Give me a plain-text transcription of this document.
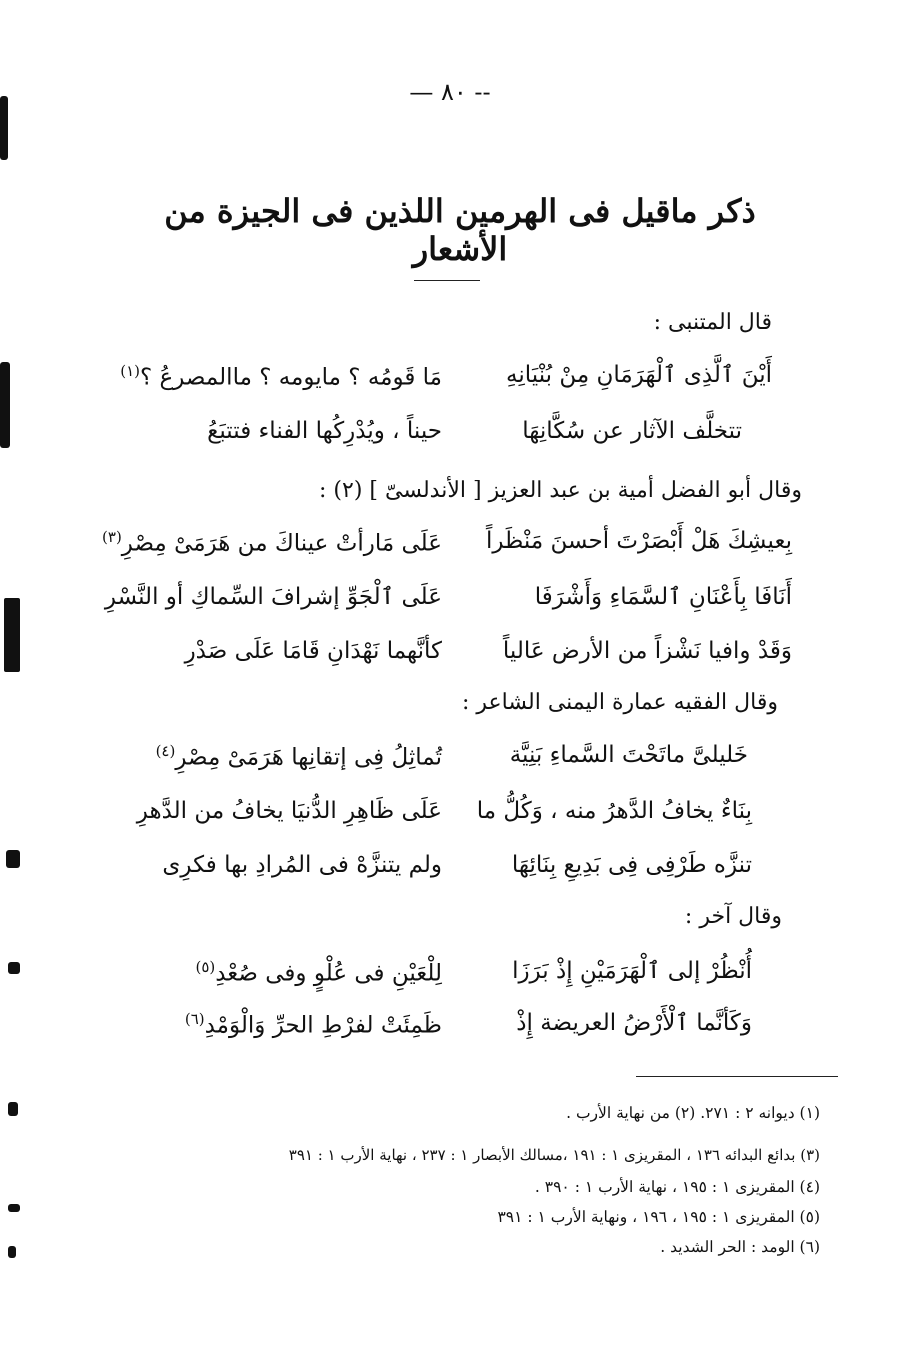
-- ٨٠ —
ذكر ماقيل فى الهرمين اللذين فى الجيزة من الأشعار
قال المتنبى :
أَيْنَ ٱلَّذِى ٱلْهَرَمَانِ مِنْ بُنْيَانِهِ
مَا قَومُه ؟ مايومه ؟ ماالمصرعُ ؟$^{(١)}$
تتخلَّف الآثار عن سُكَّانِهَا
حيناً ، ويُدْرِكُها الفناء فتتبَعُ
وقال أبو الفضل أمية بن عبد العزيز [ الأندلسىّ ] (٢) :
بِعيشِكَ هَلْ أَبْصَرْتَ أحسنَ مَنْظَراً
عَلَى مَارأتْ عيناكَ من هَرَمَىْ مِصْرِ$^{(٣)}$
أَنَافَا بِأَعْنَانِ ٱلسَّمَاءِ وَأَشْرَفَا
عَلَى ٱلْجَوِّ إشرافَ السِّماكِ أو النَّسْرِ
وَقَدْ وافيا نَشْزاً من الأرض عَالياً
كأنَّهما نَهْدَانِ قَامَا عَلَى صَدْرِ
وقال الفقيه عمارة اليمنى الشاعر :
خَليلىَّ ماتَحْتَ السَّماءِ بَنِيَّة
تُماثِلُ فِى إتقانِها هَرَمَىْ مِصْرِ$^{(٤)}$
بِنَاءٌ يخافُ الدَّهرُ منه ، وَكُلُّ ما
عَلَى ظَاهِرِ الدُّنيَا يخافُ من الدَّهرِ
تنزَّه طَرْفِى فِى بَدِيعِ بِنَائِهَا
ولم يتنزَّهْ فى المُرادِ بها فكرِى
وقال آخر :
أُنْظُرْ إلى ٱلْهَرَمَيْنِ إِذْ بَرَزَا
لِلْعَيْنِ فى عُلْوٍ وفى صُعْدِ$^{(٥)}$
وَكَأنَّما ٱلْأَرْضُ العريضة إِذْ
ظَمِئَتْ لفرْطِ الحرِّ وَالْوَمْدِ$^{(٦)}$
(١) ديوانه ٢ : ٢٧١. (٢) من نهاية الأرب .
(٣) بدائع البدائه ١٣٦ ، المقريزى ١ : ١٩١ ،مسالك الأبصار ١ : ٢٣٧ ، نهاية الأرب ١ : ٣٩١
(٤) المقريزى ١ : ١٩٥ ، نهاية الأرب ١ : ٣٩٠ .
(٥) المقريزى ١ : ١٩٥ ، ١٩٦ ، ونهاية الأرب ١ : ٣٩١
(٦) الومد : الحر الشديد .
